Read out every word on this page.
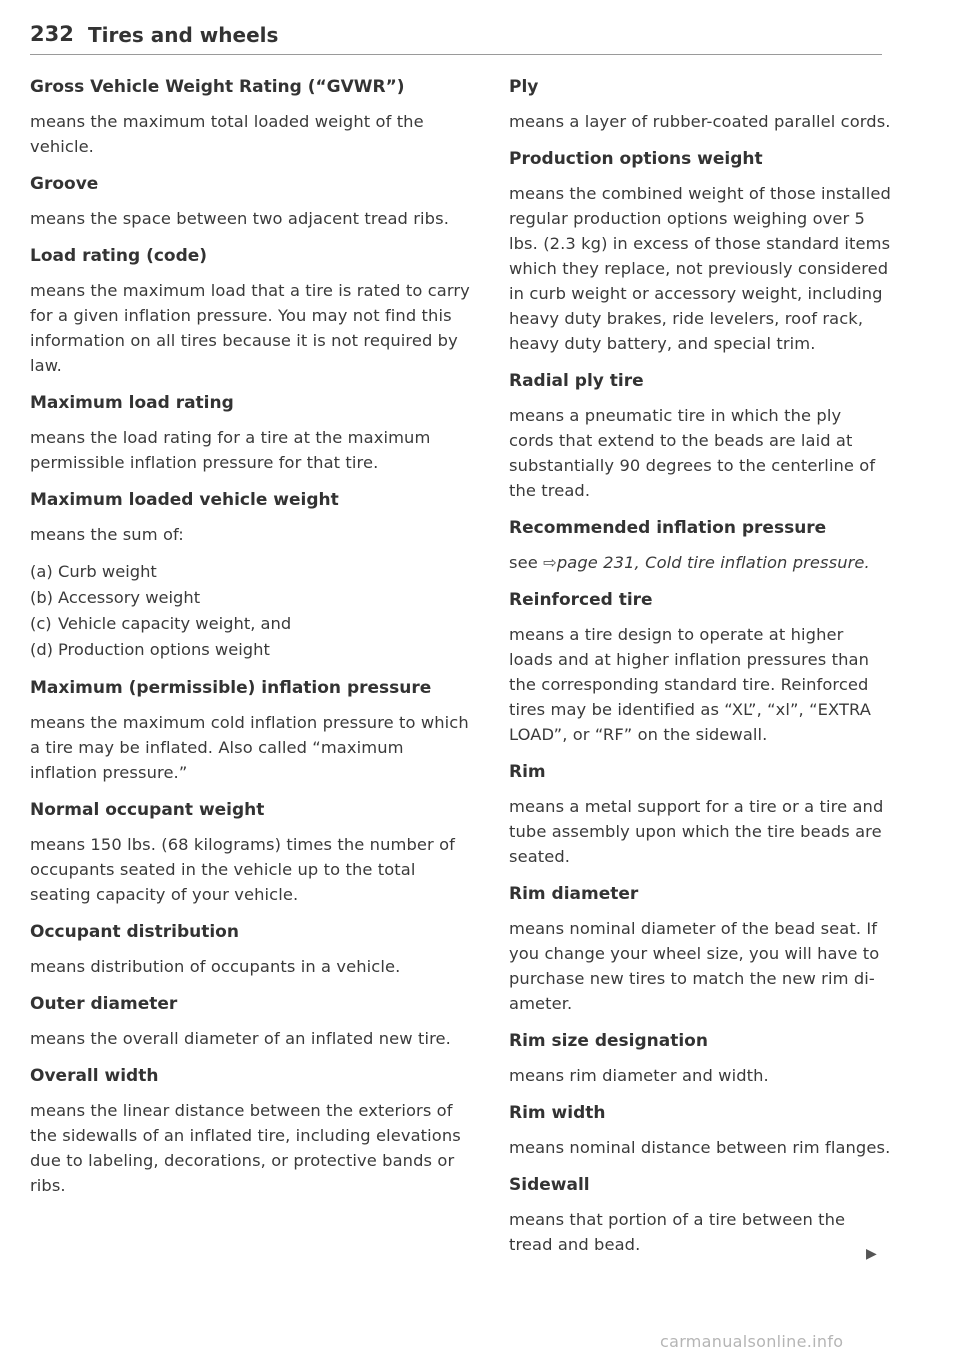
232 Tires and wheels
Gross Vehicle Weight Rating (“GVWR”)

means the maximum total loaded weight of the vehicle.

Groove

means the space between two adjacent tread ribs.

Load rating (code)

means the maximum load that a tire is rated to carry for a given inflation pressure. You may not find this information on all tires because it is not required by law.

Maximum load rating

means the load rating for a tire at the maximum permissible inflation pressure for that tire.

Maximum loaded vehicle weight

means the sum of:

(a) Curb weight
(b) Accessory weight
(c) Vehicle capacity weight, and
(d) Production options weight
Maximum (permissible) inflation pressure

means the maximum cold inflation pressure to which a tire may be inflated. Also called “maximum inflation pressure.”

Normal occupant weight

means 150 lbs. (68 kilograms) times the number of occupants seated in the vehicle up to the total seating capacity of your vehicle.

Occupant distribution

means distribution of occupants in a vehicle.

Outer diameter

means the overall diameter of an inflated new tire.

Overall width

means the linear distance between the exteriors of the sidewalls of an inflated tire, including elevations due to labeling, decorations, or protective bands or ribs.

Ply

means a layer of rubber-coated parallel cords.

Production options weight

means the combined weight of those installed regular production options weighing over 5 lbs. (2.3 kg) in excess of those standard items which they replace, not previously considered in curb weight or accessory weight, including heavy duty brakes, ride levelers, roof rack, heavy duty battery, and special trim.

Radial ply tire

means a pneumatic tire in which the ply cords that extend to the beads are laid at substantially 90 degrees to the centerline of the tread.

Recommended inflation pressure

see ⇨page 231, Cold tire inflation pressure.

Reinforced tire

means a tire design to operate at higher loads and at higher inflation pressures than the corresponding standard tire. Reinforced tires may be identified as “XL”, “xl”, “EXTRA LOAD”, or “RF” on the sidewall.

Rim

means a metal support for a tire or a tire and tube assembly upon which the tire beads are seated.

Rim diameter

means nominal diameter of the bead seat. If you change your wheel size, you will have to purchase new tires to match the new rim diameter.

Rim size designation

means rim diameter and width.

Rim width

means nominal distance between rim flanges.

Sidewall

means that portion of a tire between the tread and bead.	▶
carmanualsonline.info
